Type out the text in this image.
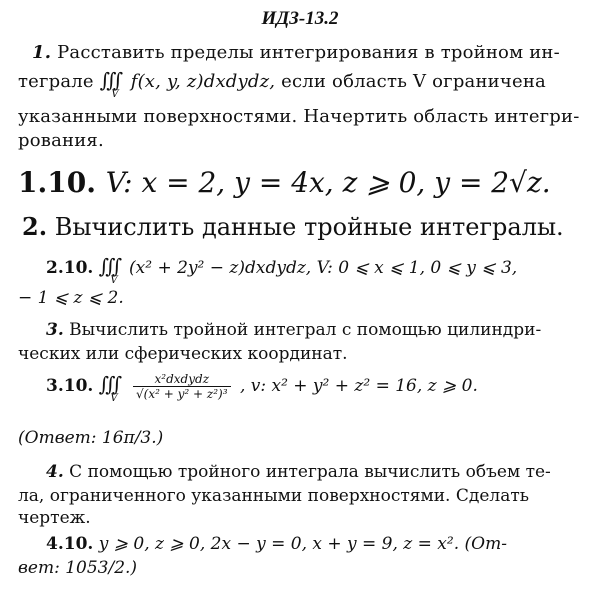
ИДЗ-13.2
1. Расставить пределы интегрирования в тройном ин-
теграле $∭_V$ f(x, y, z)dxdydz, если область V ограничена
указанными поверхностями. Начертить область интегри-
рования.
1.10. V: x = 2, y = 4x, z ⩾ 0, y = 2√z.
2. Вычислить данные тройные интегралы.
2.10. $∭_V$ (x² + 2y² − z)dxdydz, V: 0 ⩽ x ⩽ 1, 0 ⩽ y ⩽ 3,
− 1 ⩽ z ⩽ 2.
3. Вычислить тройной интеграл с помощью цилиндри-
ческих или сферических координат.
3.10. $∭_V \frac{\text{x²dxdydz}}{\text{√(x² + y² + z²)³}}$ , v: x² + y² + z² = 16, z ⩾ 0.
(Ответ: 16π/3.)
4. С помощью тройного интеграла вычислить объем те-
ла, ограниченного указанными поверхностями. Сделать
чертеж.
4.10. y ⩾ 0, z ⩾ 0, 2x − y = 0, x + y = 9, z = x². (От-
вет: 1053/2.)
